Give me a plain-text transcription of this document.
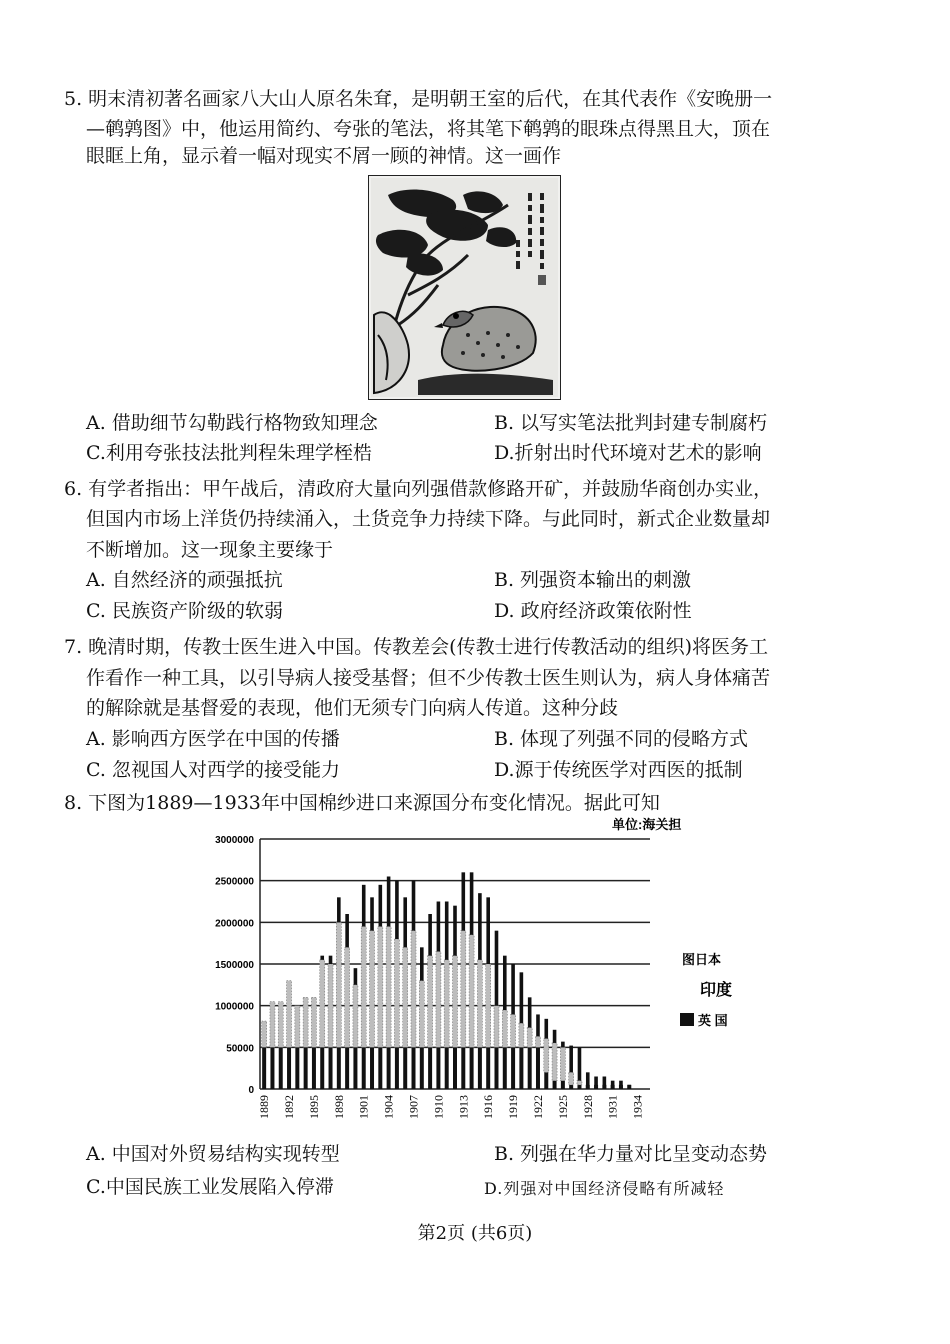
5. 明末清初著名画家八大山人原名朱耷，是明朝王室的后代，在其代表作《安晚册一
—鹌鹑图》中，他运用简约、夸张的笔法，将其笔下鹌鹑的眼珠点得黑且大，顶在
眼眶上角，显示着一幅对现实不屑一顾的神情。这一画作
A. 借助细节勾勒践行格物致知理念	B. 以写实笔法批判封建专制腐朽
C.利用夸张技法批判程朱理学桎梏	D.折射出时代环境对艺术的影响
6. 有学者指出：甲午战后，清政府大量向列强借款修路开矿，并鼓励华商创办实业，
但国内市场上洋货仍持续涌入，土货竞争力持续下降。与此同时，新式企业数量却
不断增加。这一现象主要缘于
A. 自然经济的顽强抵抗	B. 列强资本输出的刺激
C. 民族资产阶级的软弱	D. 政府经济政策依附性
7. 晚清时期，传教士医生进入中国。传教差会(传教士进行传教活动的组织)将医务工
作看作一种工具，以引导病人接受基督；但不少传教士医生则认为，病人身体痛苦
的解除就是基督爱的表现，他们无须专门向病人传道。这种分歧
A. 影响西方医学在中国的传播	B. 体现了列强不同的侵略方式
C. 忽视国人对西学的接受能力	D.源于传统医学对西医的抵制
8. 下图为1889—1933年中国棉纱进口来源国分布变化情况。据此可知
单位:海关担
3000000
2500000
2000000
1500000
1000000
50000
0
1889 1892 1895 1898 1901 1904 1907 1910 1913 1916 1919 1922 1925 1928 1931 1934
图日本
印度
英 国
A. 中国对外贸易结构实现转型	B. 列强在华力量对比呈变动态势
C.中国民族工业发展陷入停滞	D.列强对中国经济侵略有所减轻
第2页 (共6页)
